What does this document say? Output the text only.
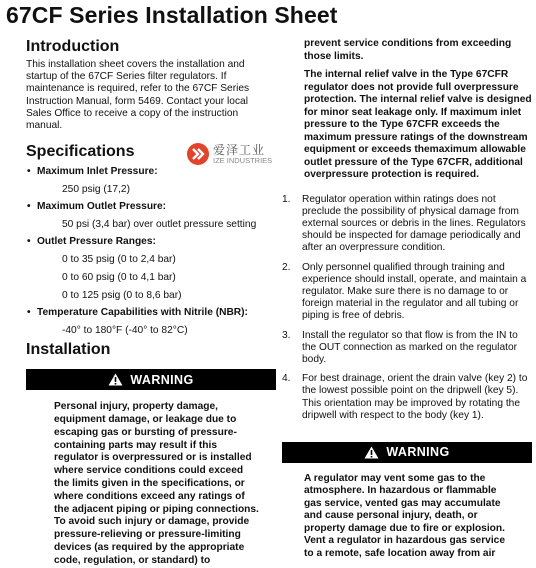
67CF Series Installation Sheet
爱泽工业
IZE INDUSTRIES
Introduction

This installation sheet covers the installation and startup of the 67CF Series filter regulators. If maintenance is required, refer to the 67CF Series Instruction Manual, form 5469. Contact your local Sales Office to receive a copy of the instruction manual.

Specifications
• Maximum Inlet Pressure:
250 psig (17,2)
• Maximum Outlet Pressure:
50 psi (3,4 bar) over outlet pressure setting
• Outlet Pressure Ranges:
0 to 35 psig (0 to 2,4 bar)
0 to 60 psig (0 to 4,1 bar)
0 to 125 psig (0 to 8,6 bar)
• Temperature Capabilities with Nitrile (NBR):
-40° to 180°F (-40° to 82°C)
Installation
WARNING

Personal injury, property damage, equipment damage, or leakage due to escaping gas or bursting of pressure-containing parts may result if this regulator is overpressured or is installed where service conditions could exceed the limits given in the specifications, or where conditions exceed any ratings of the adjacent piping or piping connections. To avoid such injury or damage, provide pressure-relieving or pressure-limiting devices (as required by the appropriate code, regulation, or standard) to

prevent service conditions from exceeding those limits.

The internal relief valve in the Type 67CFR regulator does not provide full overpressure protection. The internal relief valve is designed for minor seat leakage only. If maximum inlet pressure to the Type 67CFR exceeds the maximum pressure ratings of the downstream equipment or exceeds themaximum allowable outlet pressure of the Type 67CFR, additional overpressure protection is required.

1. Regulator operation within ratings does not preclude the possibility of physical damage from external sources or debris in the lines. Regulators should be inspected for damage periodically and after an overpressure condition.
2. Only personnel qualified through training and experience should install, operate, and maintain a regulator. Make sure there is no damage to or foreign material in the regulator and all tubing or piping is free of debris.
3. Install the regulator so that flow is from the IN to the OUT connection as marked on the regulator body.
4. For best drainage, orient the drain valve (key 2) to the lowest possible point on the dripwell (key 5). This orientation may be improved by rotating the dripwell with respect to the body (key 1).
WARNING

A regulator may vent some gas to the atmosphere. In hazardous or flammable gas service, vented gas may accumulate and cause personal injury, death, or property damage due to fire or explosion. Vent a regulator in hazardous gas service to a remote, safe location away from air
